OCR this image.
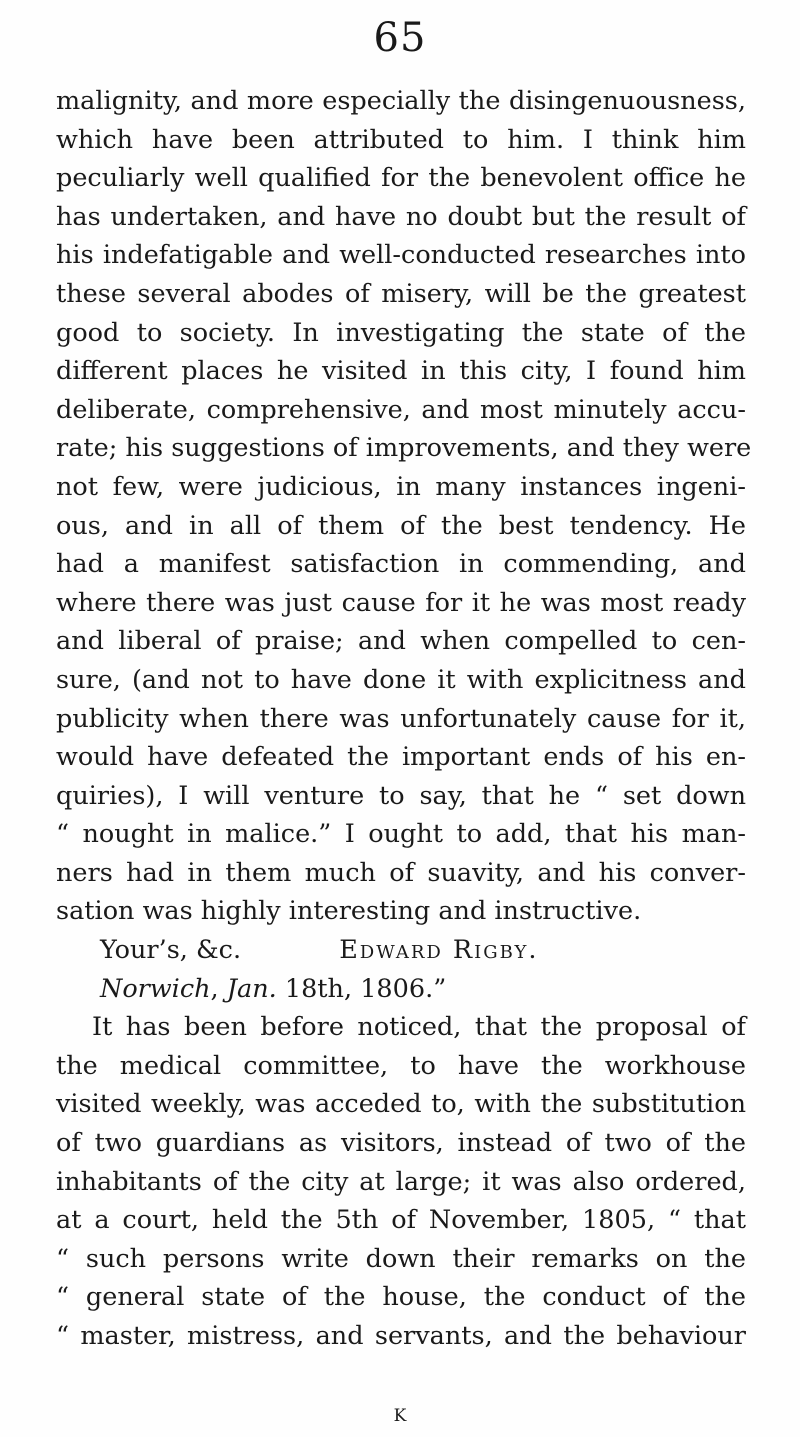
65
malignity, and more especially the disingenuousness,
which have been attributed to him. I think him
peculiarly well qualified for the benevolent office he
has undertaken, and have no doubt but the result of
his indefatigable and well-conducted researches into
these several abodes of misery, will be the greatest
good to society. In investigating the state of the
different places he visited in this city, I found him
deliberate, comprehensive, and most minutely accu-
rate; his suggestions of improvements, and they were
not few, were judicious, in many instances ingeni-
ous, and in all of them of the best tendency. He
had a manifest satisfaction in commending, and
where there was just cause for it he was most ready
and liberal of praise; and when compelled to cen-
sure, (and not to have done it with explicitness and
publicity when there was unfortunately cause for it,
would have defeated the important ends of his en-
quiries), I will venture to say, that he “ set down
“ nought in malice.” I ought to add, that his man-
ners had in them much of suavity, and his conver-
sation was highly interesting and instructive.
Your’s, &c.	Edward Rigby.
Norwich, Jan. 18th, 1806.”
It has been before noticed, that the proposal of
the medical committee, to have the workhouse
visited weekly, was acceded to, with the substitution
of two guardians as visitors, instead of two of the
inhabitants of the city at large; it was also ordered,
at a court, held the 5th of November, 1805, “ that
“ such persons write down their remarks on the
“ general state of the house, the conduct of the
“ master, mistress, and servants, and the behaviour
K
